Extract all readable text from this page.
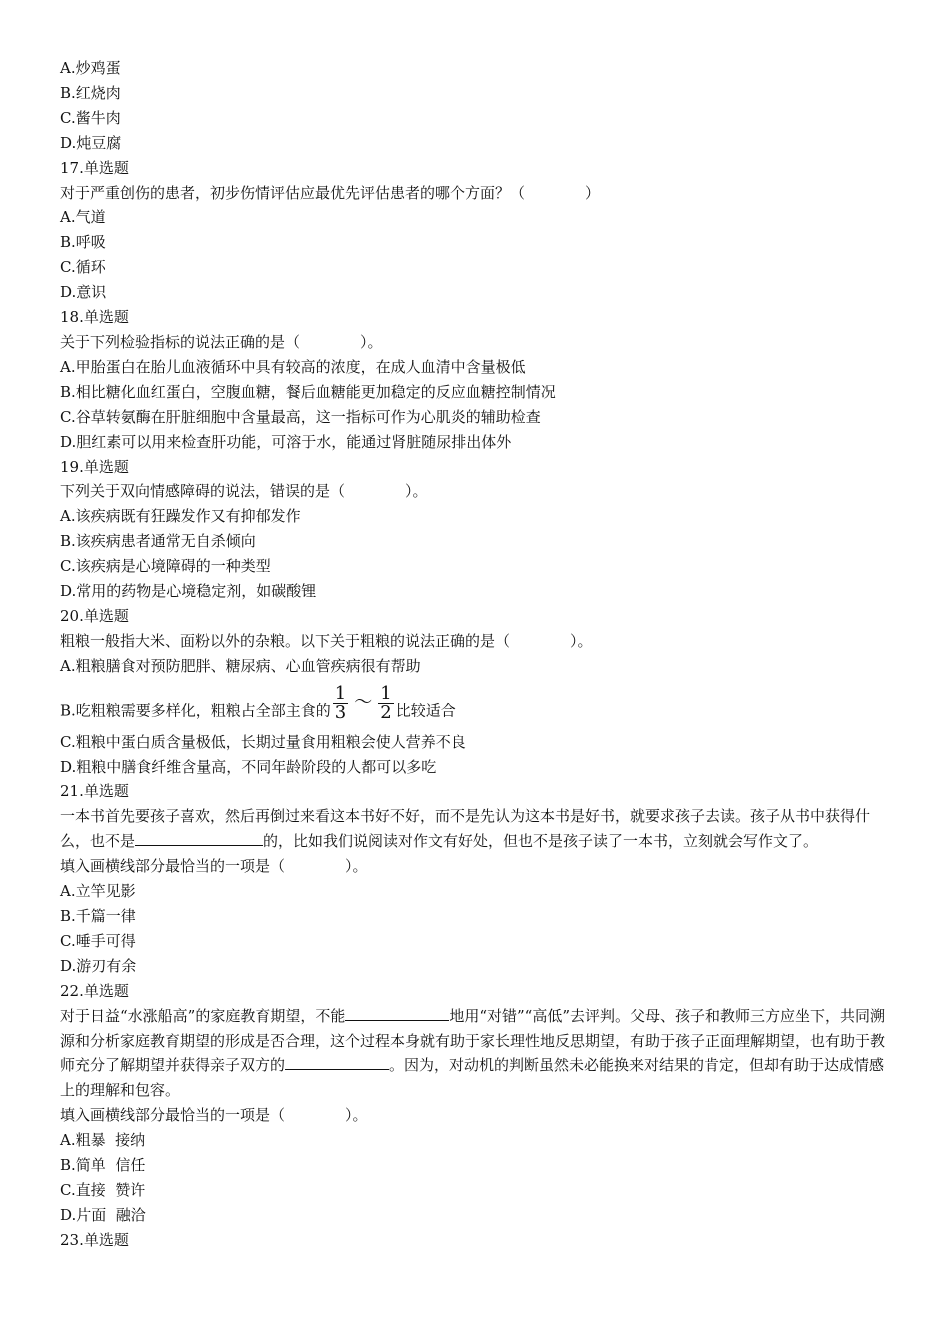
A.炒鸡蛋
B.红烧肉
C.酱牛肉
D.炖豆腐
17.单选题
对于严重创伤的患者，初步伤情评估应最优先评估患者的哪个方面？（　　　　）
A.气道
B.呼吸
C.循环
D.意识
18.单选题
关于下列检验指标的说法正确的是（　　　　）。
A.甲胎蛋白在胎儿血液循环中具有较高的浓度，在成人血清中含量极低
B.相比糖化血红蛋白，空腹血糖，餐后血糖能更加稳定的反应血糖控制情况
C.谷草转氨酶在肝脏细胞中含量最高，这一指标可作为心肌炎的辅助检查
D.胆红素可以用来检查肝功能，可溶于水，能通过肾脏随尿排出体外
19.单选题
下列关于双向情感障碍的说法，错误的是（　　　　）。
A.该疾病既有狂躁发作又有抑郁发作
B.该疾病患者通常无自杀倾向
C.该疾病是心境障碍的一种类型
D.常用的药物是心境稳定剂，如碳酸锂
20.单选题
粗粮一般指大米、面粉以外的杂粮。以下关于粗粮的说法正确的是（　　　　）。
A.粗粮膳食对预防肥胖、糖尿病、心血管疾病很有帮助
B.吃粗粮需要多样化，粗粮占全部主食的 $\frac{1}{3}$ ～ $\frac{1}{2}$ 比较适合
C.粗粮中蛋白质含量极低，长期过量食用粗粮会使人营养不良
D.粗粮中膳食纤维含量高，不同年龄阶段的人都可以多吃
21.单选题
一本书首先要孩子喜欢，然后再倒过来看这本书好不好，而不是先认为这本书是好书，就要求孩子去读。孩子从书中获得什么，也不是	的，比如我们说阅读对作文有好处，但也不是孩子读了一本书，立刻就会写作文了。
填入画横线部分最恰当的一项是（　　　　）。
A.立竿见影
B.千篇一律
C.唾手可得
D.游刃有余
22.单选题
对于日益“水涨船高”的家庭教育期望，不能	地用“对错”“高低”去评判。父母、孩子和教师三方应坐下，共同溯源和分析家庭教育期望的形成是否合理，这个过程本身就有助于家长理性地反思期望，有助于孩子正面理解期望，也有助于教师充分了解期望并获得亲子双方的	。因为，对动机的判断虽然未必能换来对结果的肯定，但却有助于达成情感上的理解和包容。
填入画横线部分最恰当的一项是（　　　　）。
A.粗暴  接纳
B.简单  信任
C.直接  赞许
D.片面  融洽
23.单选题
